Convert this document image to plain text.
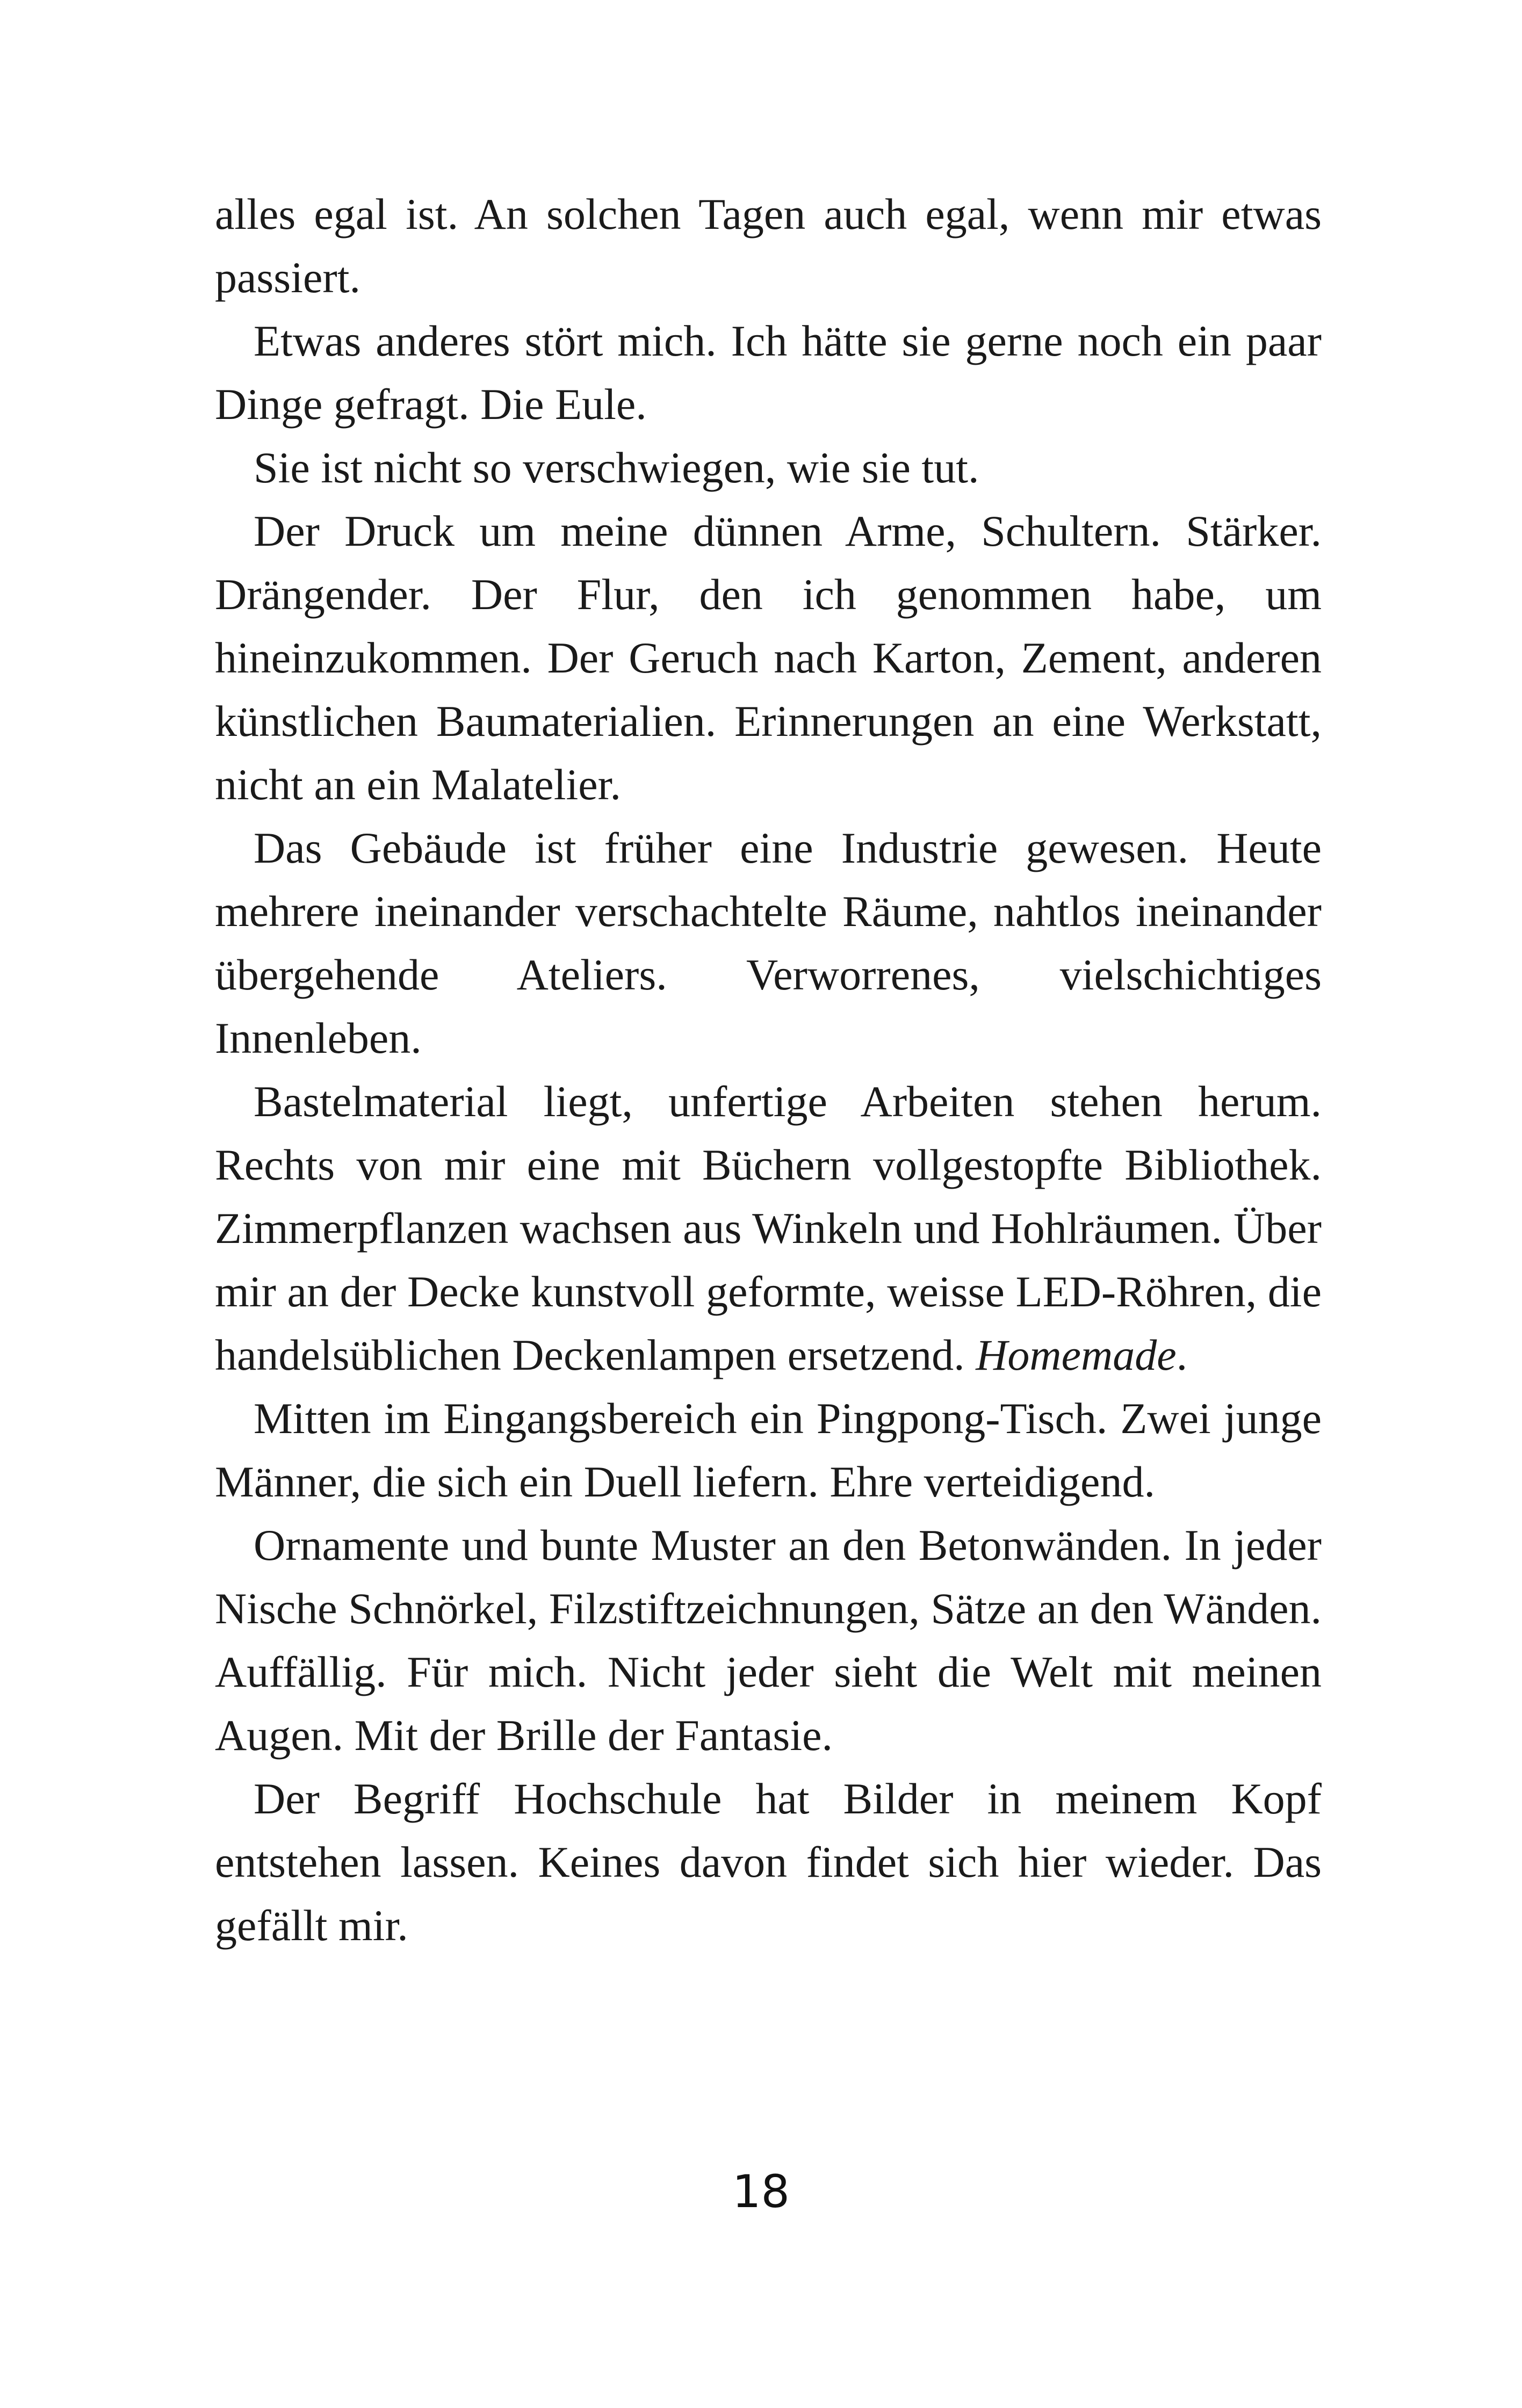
alles egal ist. An solchen Tagen auch egal, wenn mir etwas passiert.

Etwas anderes stört mich. Ich hätte sie gerne noch ein paar Dinge gefragt. Die Eule.

Sie ist nicht so verschwiegen, wie sie tut.

Der Druck um meine dünnen Arme, Schultern. Stärker. Drängender. Der Flur, den ich genommen habe, um hineinzukommen. Der Geruch nach Karton, Zement, anderen künstlichen Baumaterialien. Erinnerungen an eine Werkstatt, nicht an ein Malatelier.

Das Gebäude ist früher eine Industrie gewesen. Heute mehrere ineinander verschachtelte Räume, nahtlos ineinander übergehende Ateliers. Verworrenes, vielschichtiges Innenleben.

Bastelmaterial liegt, unfertige Arbeiten stehen herum. Rechts von mir eine mit Büchern vollgestopfte Bibliothek. Zimmerpflanzen wachsen aus Winkeln und Hohlräumen. Über mir an der Decke kunstvoll geformte, weisse LED-Röhren, die handelsüblichen Deckenlampen ersetzend. Homemade.

Mitten im Eingangsbereich ein Pingpong-Tisch. Zwei junge Männer, die sich ein Duell liefern. Ehre verteidigend.

Ornamente und bunte Muster an den Betonwänden. In jeder Nische Schnörkel, Filzstiftzeichnungen, Sätze an den Wänden. Auffällig. Für mich. Nicht jeder sieht die Welt mit meinen Augen. Mit der Brille der Fantasie.

Der Begriff Hochschule hat Bilder in meinem Kopf entstehen lassen. Keines davon findet sich hier wieder. Das gefällt mir.

18
